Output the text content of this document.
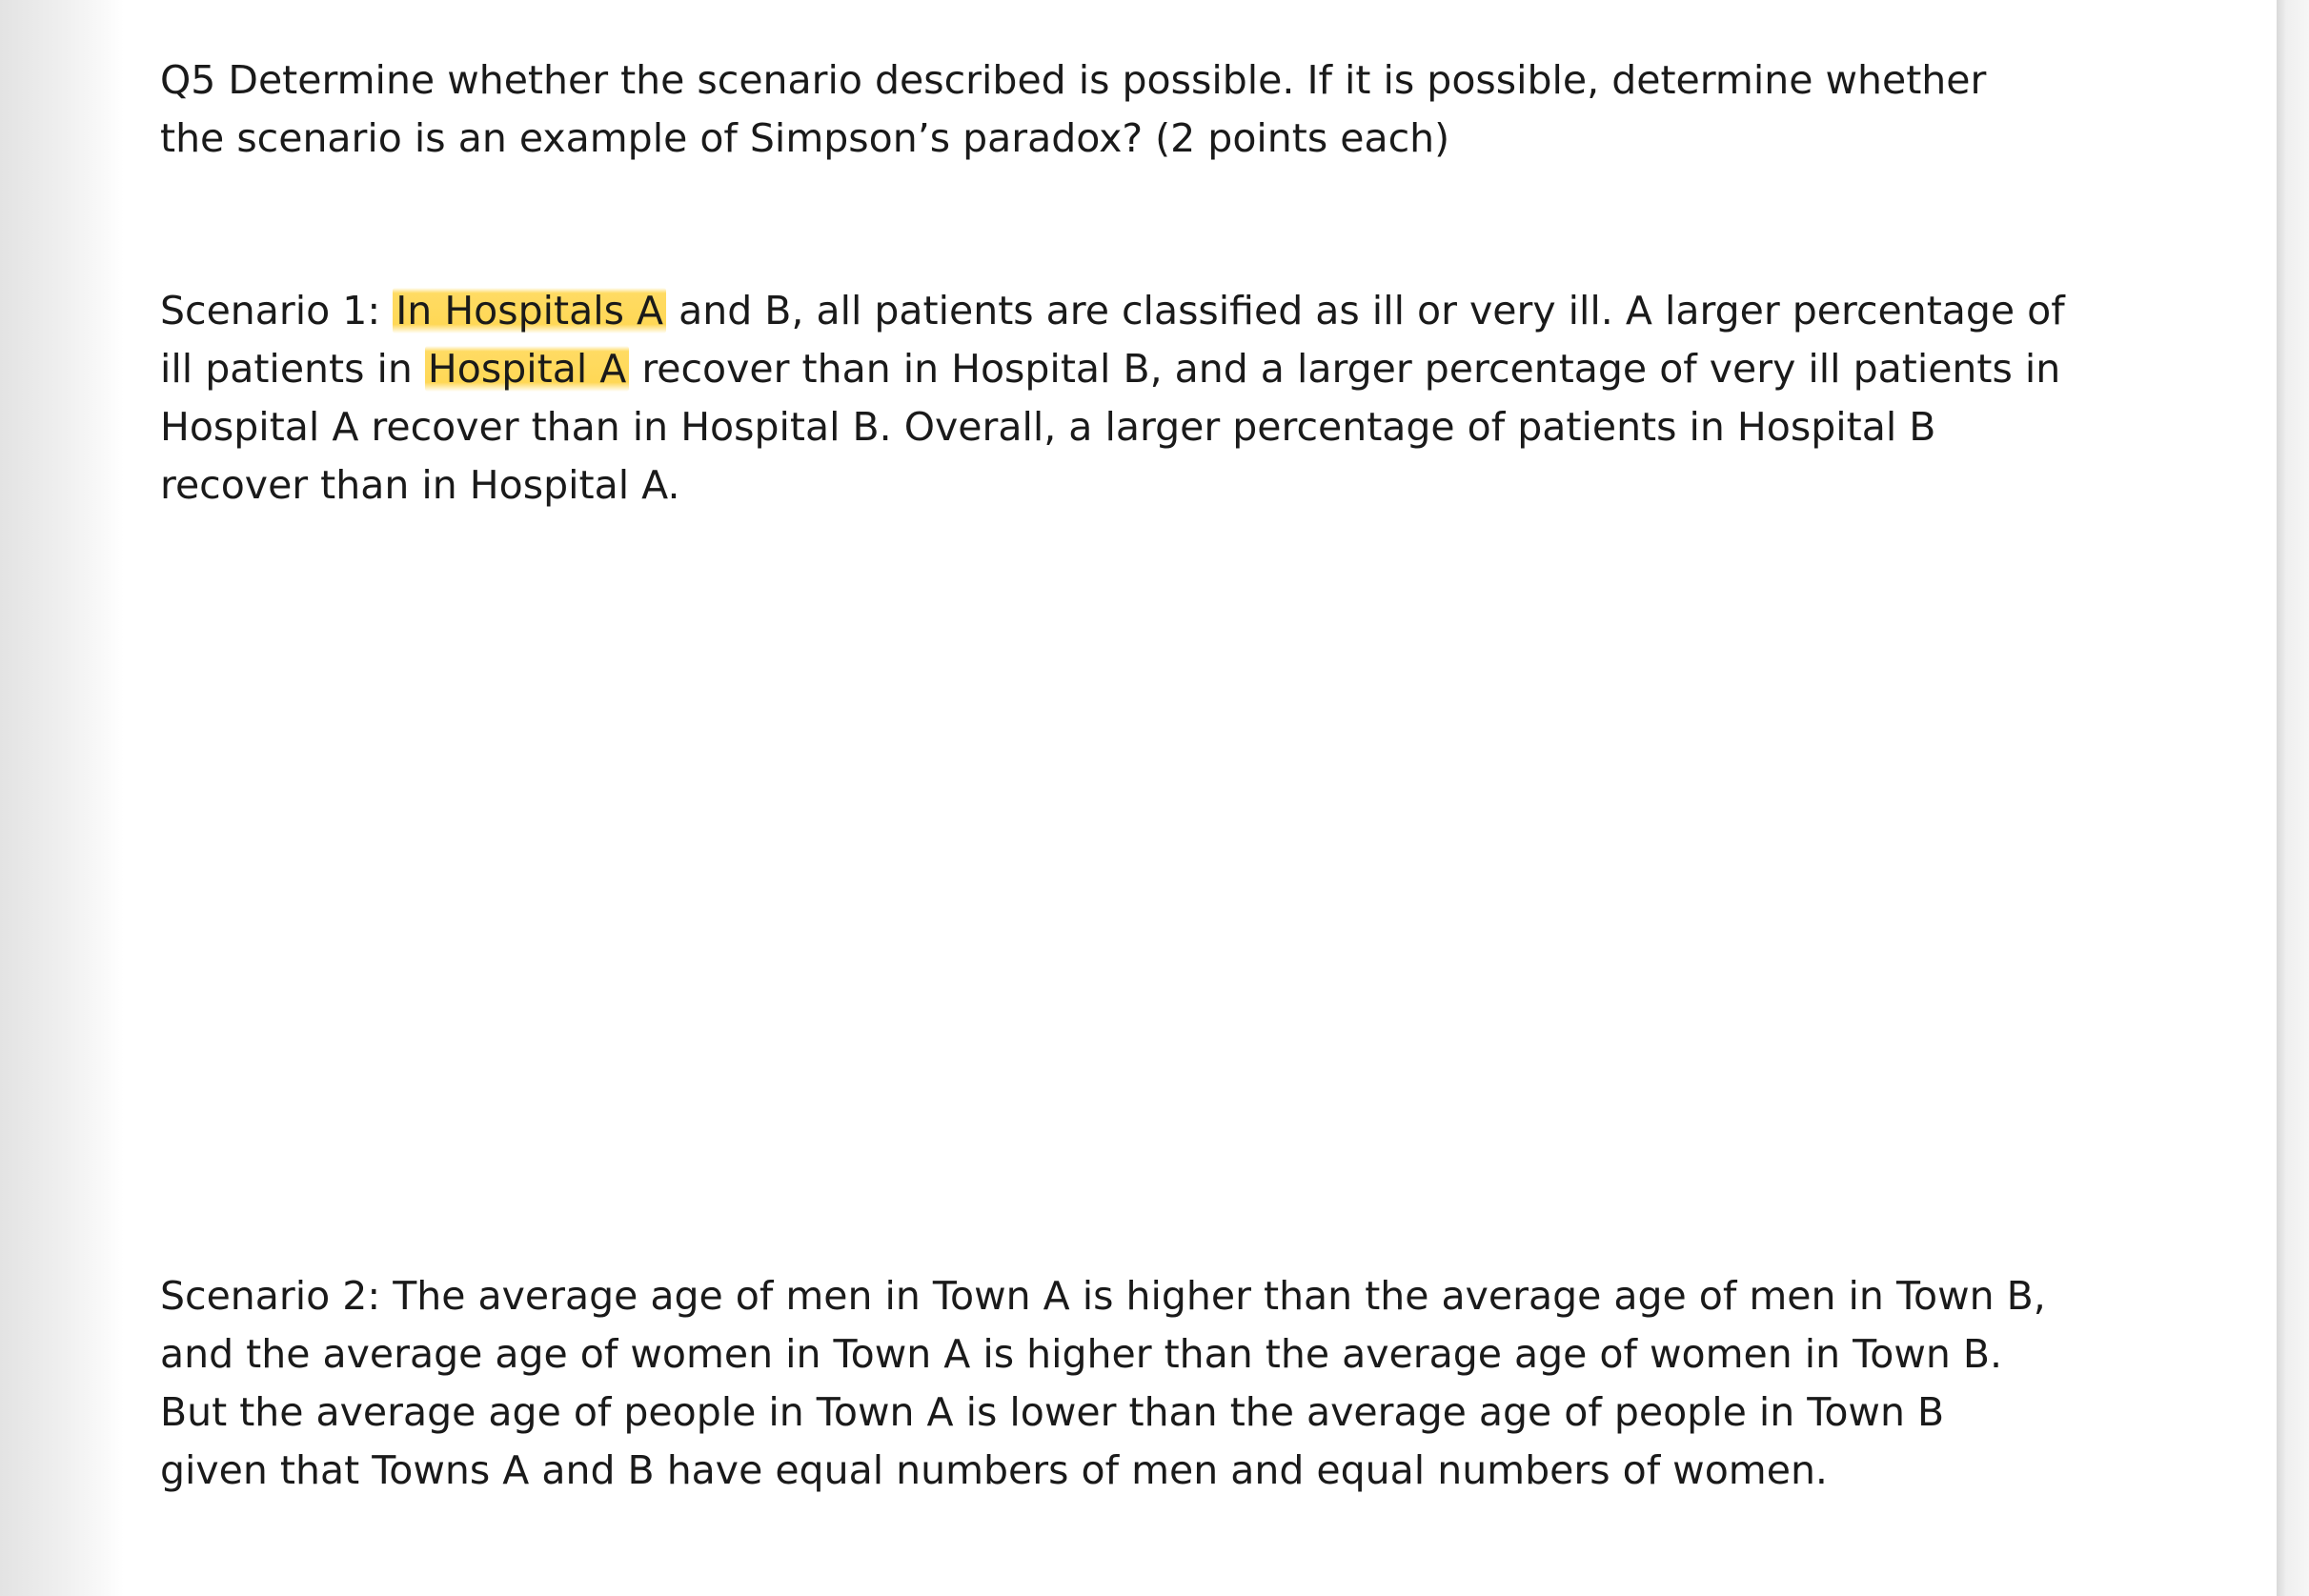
Q5 Determine whether the scenario described is possible. If it is possible, determine whether
the scenario is an example of Simpson’s paradox? (2 points each)

Scenario 1: In Hospitals A and B, all patients are classified as ill or very ill. A larger percentage of
ill patients in Hospital A recover than in Hospital B, and a larger percentage of very ill patients in
Hospital A recover than in Hospital B. Overall, a larger percentage of patients in Hospital B
recover than in Hospital A.

Scenario 2: The average age of men in Town A is higher than the average age of men in Town B,
and the average age of women in Town A is higher than the average age of women in Town B.
But the average age of people in Town A is lower than the average age of people in Town B
given that Towns A and B have equal numbers of men and equal numbers of women.
